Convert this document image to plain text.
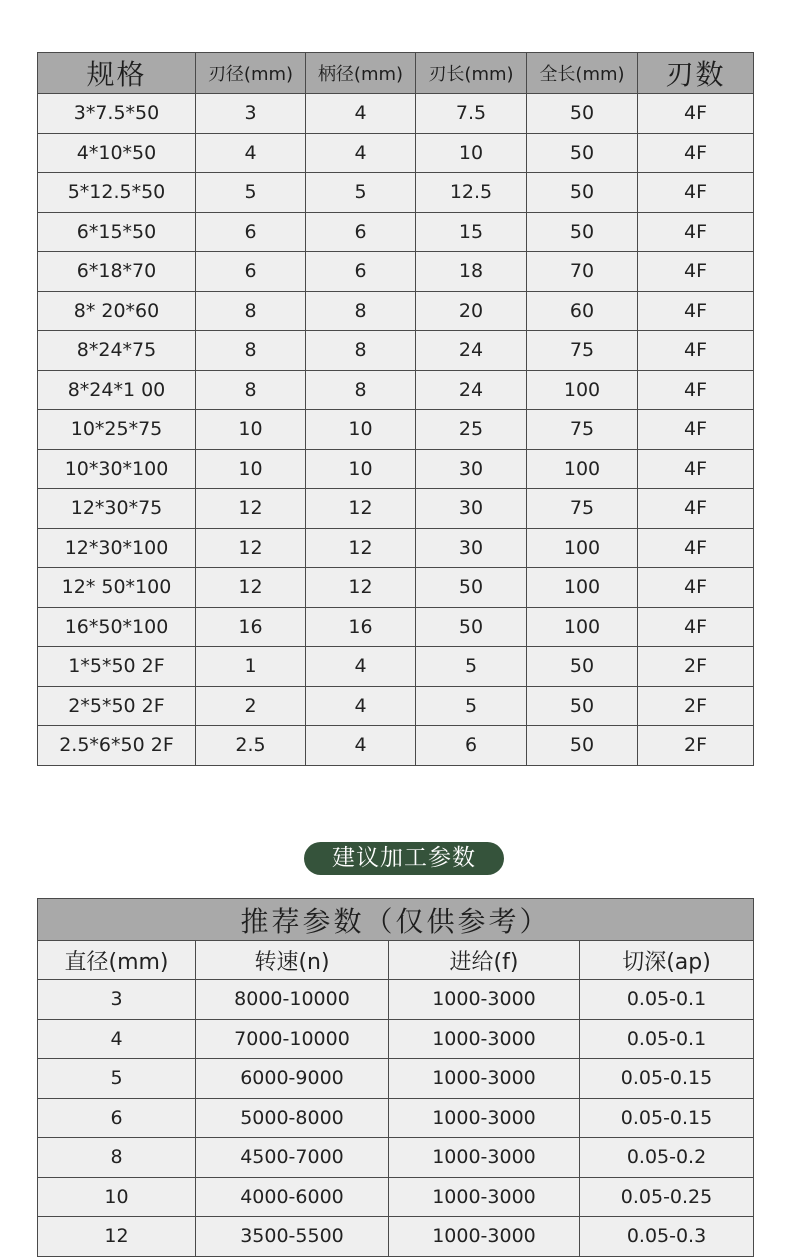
规格	刃径(mm)	柄径(mm)	刃长(mm)	全长(mm)	刃数
3*7.5*50	3	4	7.5	50	4F
4*10*50	4	4	10	50	4F
5*12.5*50	5	5	12.5	50	4F
6*15*50	6	6	15	50	4F
6*18*70	6	6	18	70	4F
8* 20*60	8	8	20	60	4F
8*24*75	8	8	24	75	4F
8*24*1 00	8	8	24	100	4F
10*25*75	10	10	25	75	4F
10*30*100	10	10	30	100	4F
12*30*75	12	12	30	75	4F
12*30*100	12	12	30	100	4F
12* 50*100	12	12	50	100	4F
16*50*100	16	16	50	100	4F
1*5*50 2F	1	4	5	50	2F
2*5*50 2F	2	4	5	50	2F
2.5*6*50 2F	2.5	4	6	50	2F
建议加工参数
推荐参数（仅供参考）			
直径(mm)	转速(n)	进给(f)	切深(ap)
3	8000-10000	1000-3000	0.05-0.1
4	7000-10000	1000-3000	0.05-0.1
5	6000-9000	1000-3000	0.05-0.15
6	5000-8000	1000-3000	0.05-0.15
8	4500-7000	1000-3000	0.05-0.2
10	4000-6000	1000-3000	0.05-0.25
12	3500-5500	1000-3000	0.05-0.3
